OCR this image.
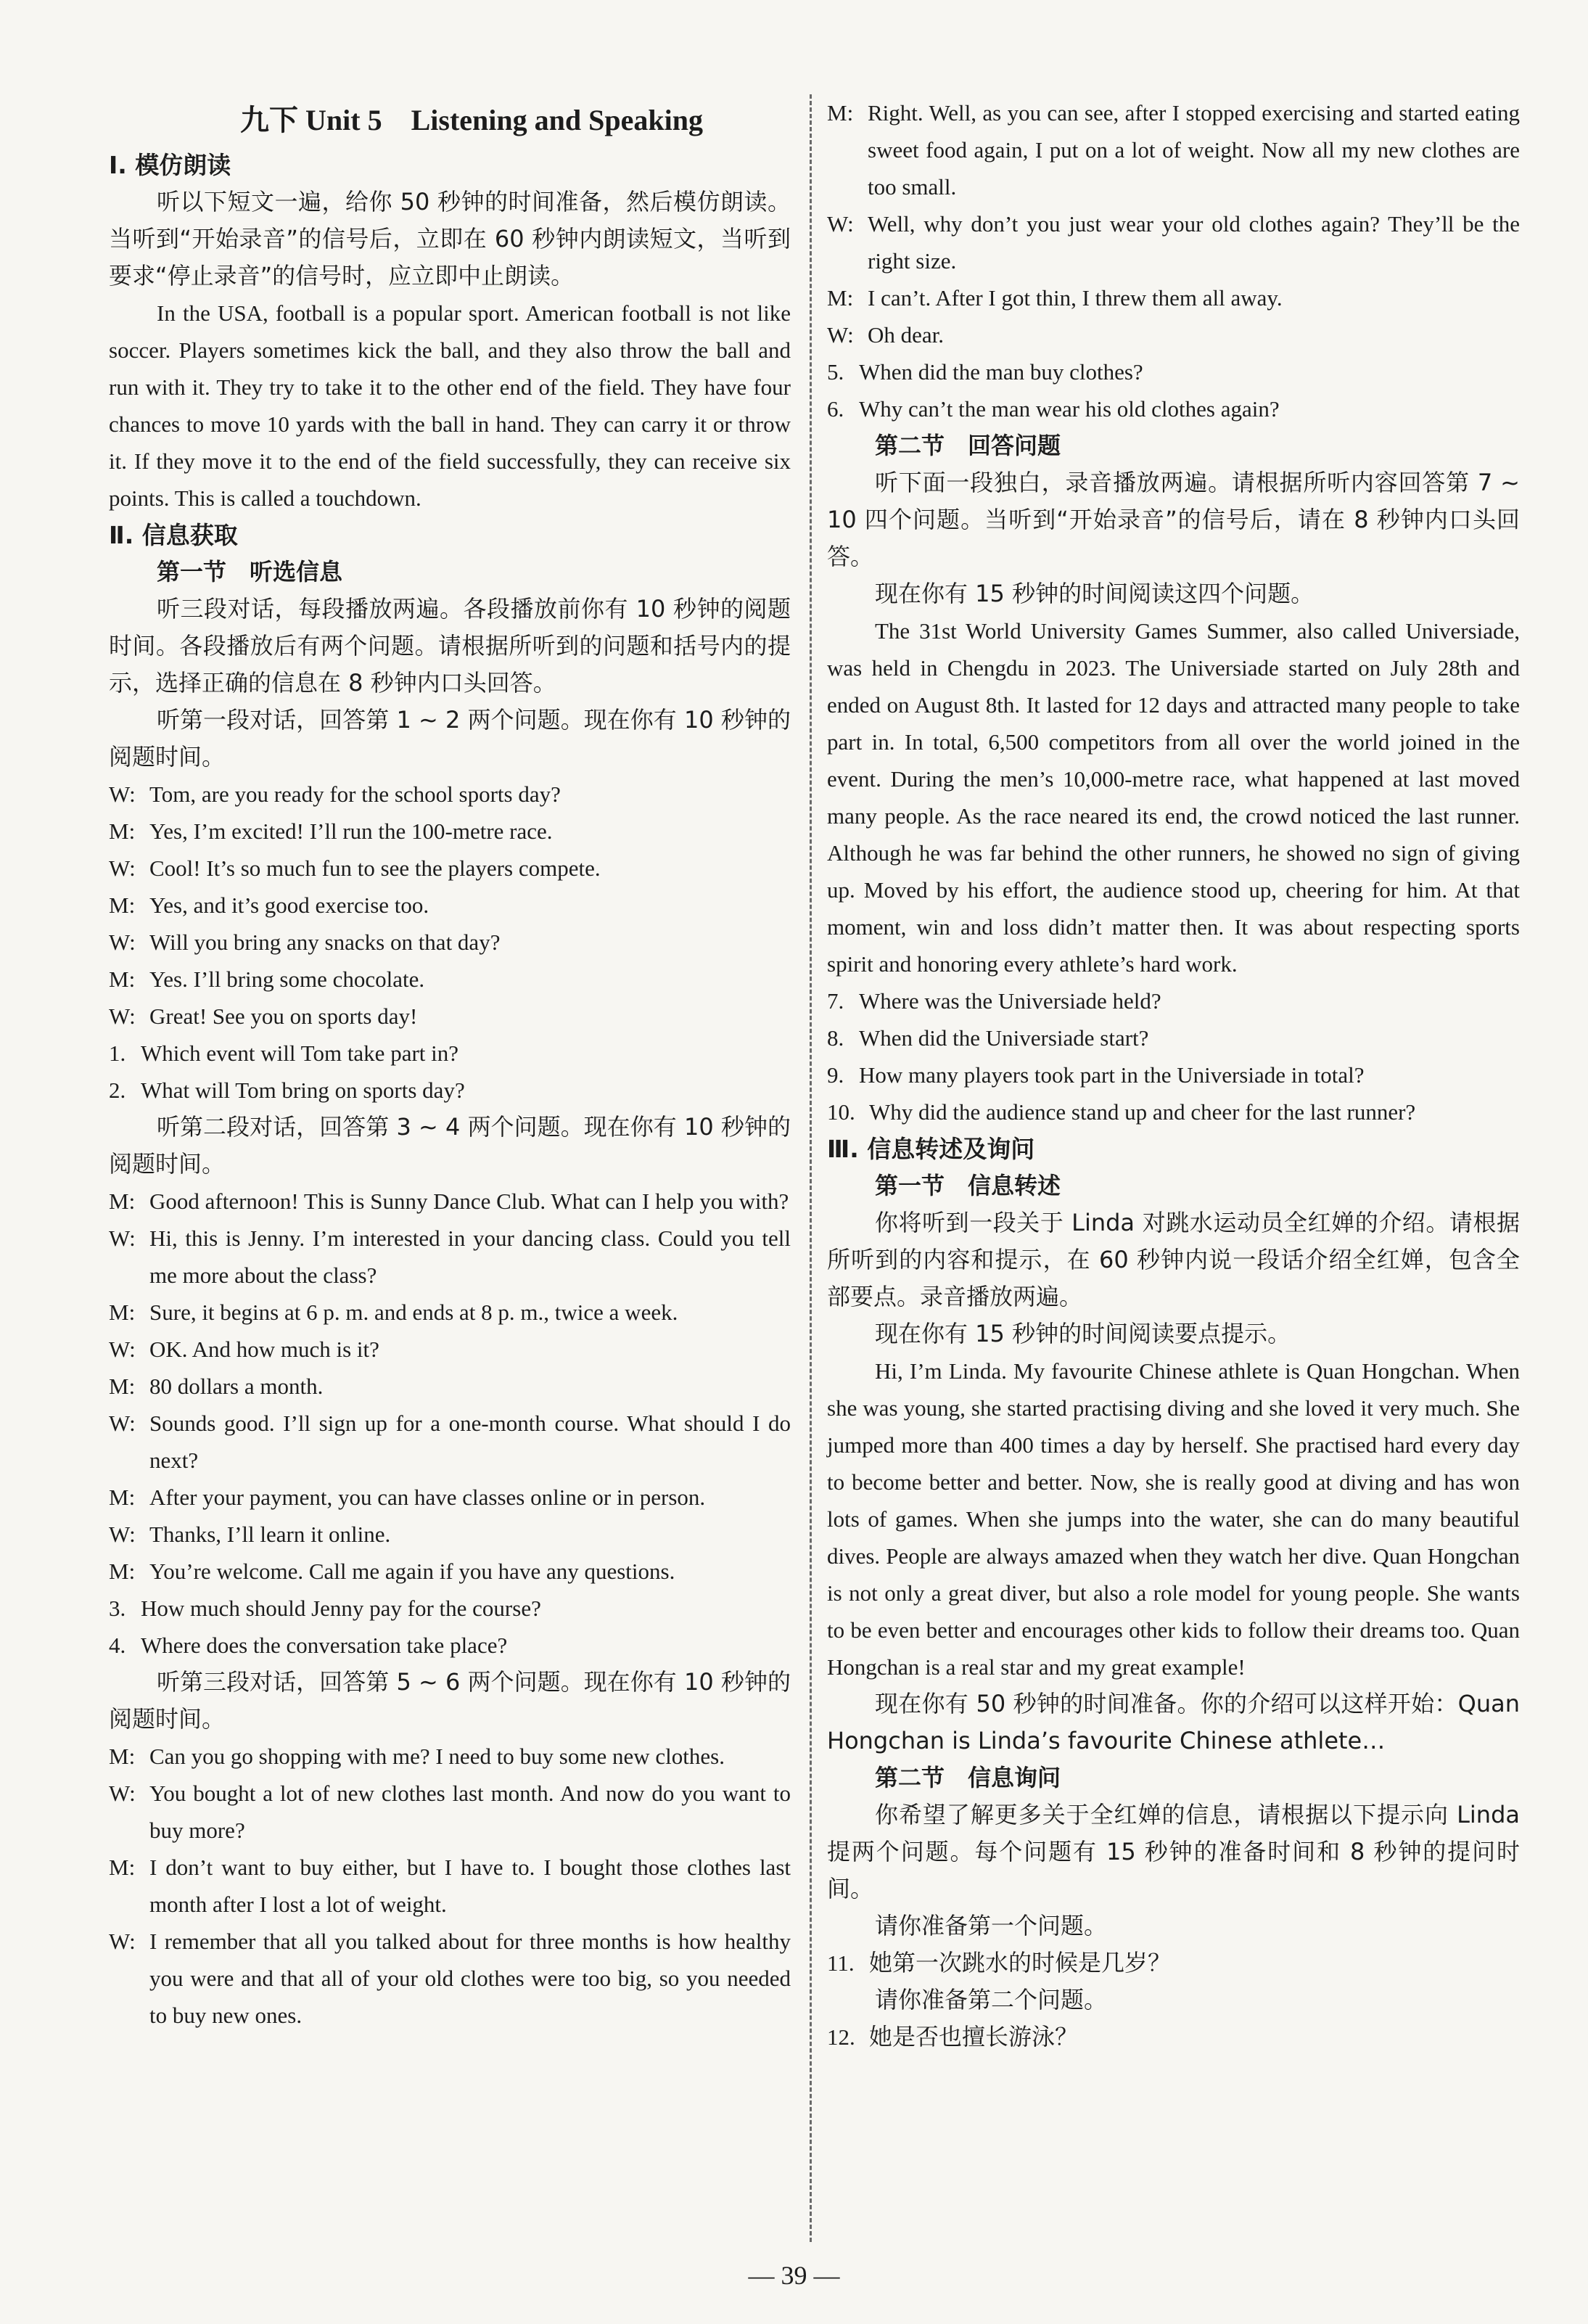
九下 Unit 5　Listening and Speaking

Ⅰ. 模仿朗读

听以下短文一遍，给你 50 秒钟的时间准备，然后模仿朗读。当听到“开始录音”的信号后，立即在 60 秒钟内朗读短文，当听到要求“停止录音”的信号时，应立即中止朗读。

In the USA, football is a popular sport. American football is not like soccer. Players sometimes kick the ball, and they also throw the ball and run with it. They try to take it to the other end of the field. They have four chances to move 10 yards with the ball in hand. They can carry it or throw it. If they move it to the end of the field successfully, they can receive six points. This is called a touchdown.

Ⅱ. 信息获取

第一节　听选信息

听三段对话，每段播放两遍。各段播放前你有 10 秒钟的阅题时间。各段播放后有两个问题。请根据所听到的问题和括号内的提示，选择正确的信息在 8 秒钟内口头回答。

听第一段对话，回答第 1 ~ 2 两个问题。现在你有 10 秒钟的阅题时间。

W: Tom, are you ready for the school sports day?
M: Yes, I’m excited! I’ll run the 100-metre race.
W: Cool! It’s so much fun to see the players compete.
M: Yes, and it’s good exercise too.
W: Will you bring any snacks on that day?
M: Yes. I’ll bring some chocolate.
W: Great! See you on sports day!
1. Which event will Tom take part in?
2. What will Tom bring on sports day?

听第二段对话，回答第 3 ~ 4 两个问题。现在你有 10 秒钟的阅题时间。

M: Good afternoon! This is Sunny Dance Club. What can I help you with?
W: Hi, this is Jenny. I’m interested in your dancing class. Could you tell me more about the class?
M: Sure, it begins at 6 p. m. and ends at 8 p. m., twice a week.
W: OK. And how much is it?
M: 80 dollars a month.
W: Sounds good. I’ll sign up for a one-month course. What should I do next?
M: After your payment, you can have classes online or in person.
W: Thanks, I’ll learn it online.
M: You’re welcome. Call me again if you have any questions.
3. How much should Jenny pay for the course?
4. Where does the conversation take place?

听第三段对话，回答第 5 ~ 6 两个问题。现在你有 10 秒钟的阅题时间。

M: Can you go shopping with me? I need to buy some new clothes.
W: You bought a lot of new clothes last month. And now do you want to buy more?
M: I don’t want to buy either, but I have to. I bought those clothes last month after I lost a lot of weight.
W: I remember that all you talked about for three months is how healthy you were and that all of your old clothes were too big, so you needed to buy new ones.
M: Right. Well, as you can see, after I stopped exercising and started eating sweet food again, I put on a lot of weight. Now all my new clothes are too small.
W: Well, why don’t you just wear your old clothes again? They’ll be the right size.
M: I can’t. After I got thin, I threw them all away.
W: Oh dear.
5. When did the man buy clothes?
6. Why can’t the man wear his old clothes again?

第二节　回答问题

听下面一段独白，录音播放两遍。请根据所听内容回答第 7 ~ 10 四个问题。当听到“开始录音”的信号后，请在 8 秒钟内口头回答。

现在你有 15 秒钟的时间阅读这四个问题。

The 31st World University Games Summer, also called Universiade, was held in Chengdu in 2023. The Universiade started on July 28th and ended on August 8th. It lasted for 12 days and attracted many people to take part in. In total, 6,500 competitors from all over the world joined in the event. During the men’s 10,000-metre race, what happened at last moved many people. As the race neared its end, the crowd noticed the last runner. Although he was far behind the other runners, he showed no sign of giving up. Moved by his effort, the audience stood up, cheering for him. At that moment, win and loss didn’t matter then. It was about respecting sports spirit and honoring every athlete’s hard work.

7. Where was the Universiade held?
8. When did the Universiade start?
9. How many players took part in the Universiade in total?
10. Why did the audience stand up and cheer for the last runner?

Ⅲ. 信息转述及询问

第一节　信息转述

你将听到一段关于 Linda 对跳水运动员全红婵的介绍。请根据所听到的内容和提示，在 60 秒钟内说一段话介绍全红婵，包含全部要点。录音播放两遍。

现在你有 15 秒钟的时间阅读要点提示。

Hi, I’m Linda. My favourite Chinese athlete is Quan Hongchan. When she was young, she started practising diving and she loved it very much. She jumped more than 400 times a day by herself. She practised hard every day to become better and better. Now, she is really good at diving and has won lots of games. When she jumps into the water, she can do many beautiful dives. People are always amazed when they watch her dive. Quan Hongchan is not only a great diver, but also a role model for young people. She wants to be even better and encourages other kids to follow their dreams too. Quan Hongchan is a real star and my great example!

现在你有 50 秒钟的时间准备。你的介绍可以这样开始：Quan Hongchan is Linda’s favourite Chinese athlete…

第二节　信息询问

你希望了解更多关于全红婵的信息，请根据以下提示向 Linda 提两个问题。每个问题有 15 秒钟的准备时间和 8 秒钟的提问时间。

请你准备第一个问题。

11. 她第一次跳水的时候是几岁？

请你准备第二个问题。

12. 她是否也擅长游泳？
— 39 —
